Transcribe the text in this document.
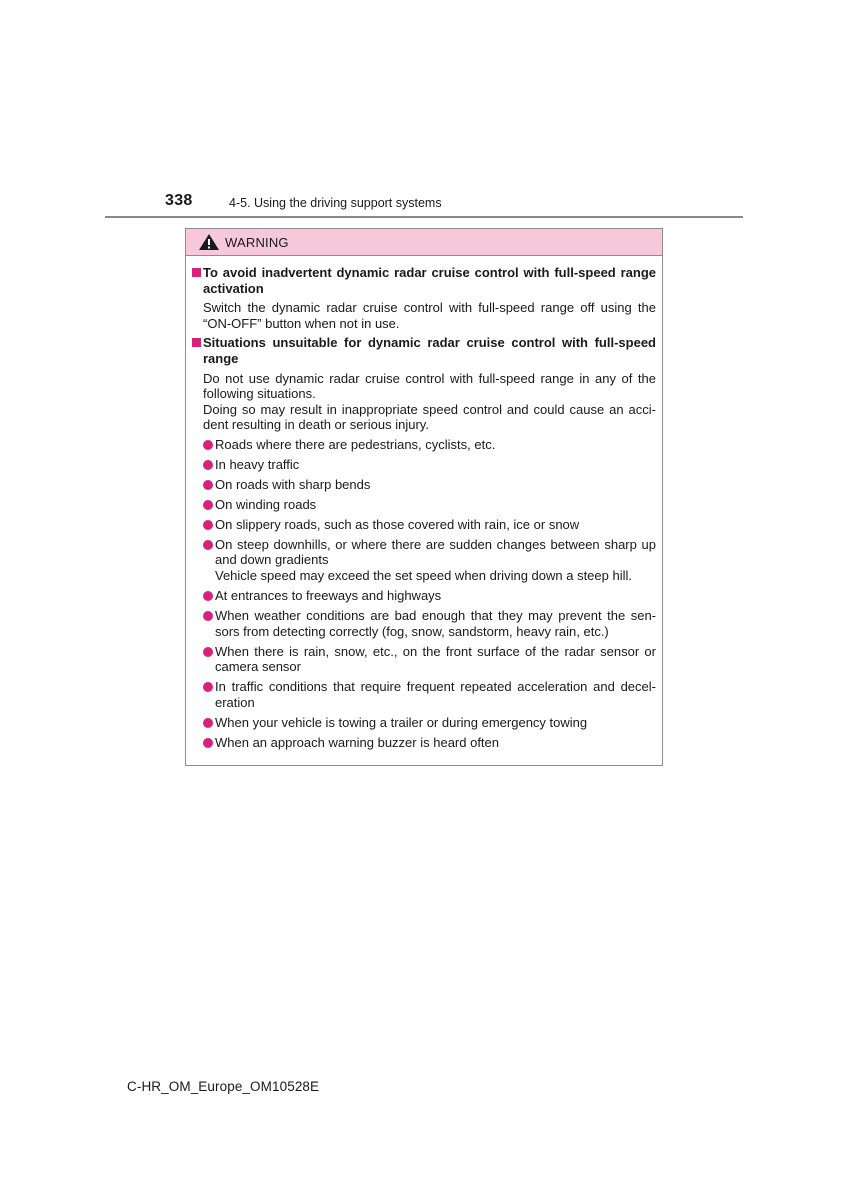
338	4-5. Using the driving support systems
WARNING
To avoid inadvertent dynamic radar cruise control with full-speed range activation

Switch the dynamic radar cruise control with full-speed range off using the “ON-OFF” button when not in use.

Situations unsuitable for dynamic radar cruise control with full-speed range

Do not use dynamic radar cruise control with full-speed range in any of the following situations.

Doing so may result in inappropriate speed control and could cause an acci-dent resulting in death or serious injury.

Roads where there are pedestrians, cyclists, etc.
In heavy traffic
On roads with sharp bends
On winding roads
On slippery roads, such as those covered with rain, ice or snow
On steep downhills, or where there are sudden changes between sharp up and down gradients
Vehicle speed may exceed the set speed when driving down a steep hill.
At entrances to freeways and highways
When weather conditions are bad enough that they may prevent the sen-sors from detecting correctly (fog, snow, sandstorm, heavy rain, etc.)
When there is rain, snow, etc., on the front surface of the radar sensor or camera sensor
In traffic conditions that require frequent repeated acceleration and decel-eration
When your vehicle is towing a trailer or during emergency towing
When an approach warning buzzer is heard often
C-HR_OM_Europe_OM10528E
